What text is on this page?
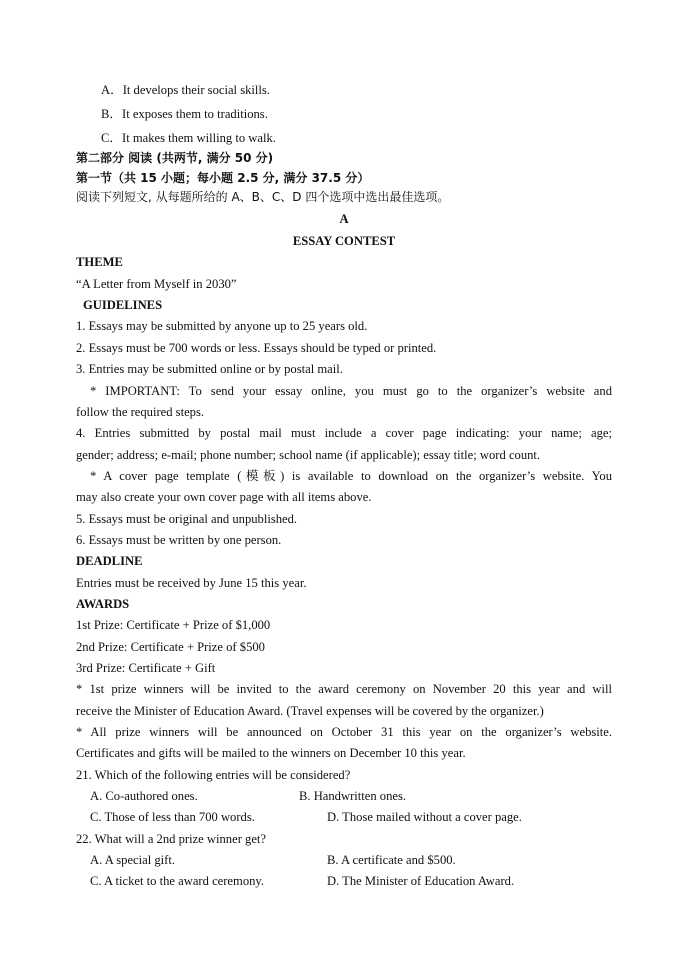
A．It develops their social skills.
B．It exposes them to traditions.
C．It makes them willing to walk.
第二部分 阅读 (共两节, 满分 50 分)
第一节（共 15 小题；每小题 2.5 分, 满分 37.5 分）
阅读下列短文, 从每题所给的 A、B、C、D 四个选项中选出最佳选项。
A
ESSAY CONTEST
THEME
“A Letter from Myself in 2030”
GUIDELINES
1. Essays may be submitted by anyone up to 25 years old.
2. Essays must be 700 words or less. Essays should be typed or printed.
3. Entries may be submitted online or by postal mail.
* IMPORTANT: To send your essay online, you must go to the organizer’s website and
follow the required steps.
4. Entries submitted by postal mail must include a cover page indicating: your name; age;
gender; address; e-mail; phone number; school name (if applicable); essay title; word count.
* A cover page template (模板) is available to download on the organizer’s website. You
may also create your own cover page with all items above.
5. Essays must be original and unpublished.
6. Essays must be written by one person.
DEADLINE
Entries must be received by June 15 this year.
AWARDS
1st Prize: Certificate + Prize of $1,000
2nd Prize: Certificate + Prize of $500
3rd Prize: Certificate + Gift
* 1st prize winners will be invited to the award ceremony on November 20 this year and will
receive the Minister of Education Award. (Travel expenses will be covered by the organizer.)
* All prize winners will be announced on October 31 this year on the organizer’s website.
Certificates and gifts will be mailed to the winners on December 10 this year.
21. Which of the following entries will be considered?
A. Co-authored ones.	B. Handwritten ones.
C. Those of less than 700 words.	D. Those mailed without a cover page.
22. What will a 2nd prize winner get?
A. A special gift.	B. A certificate and $500.
C. A ticket to the award ceremony.	D. The Minister of Education Award.
